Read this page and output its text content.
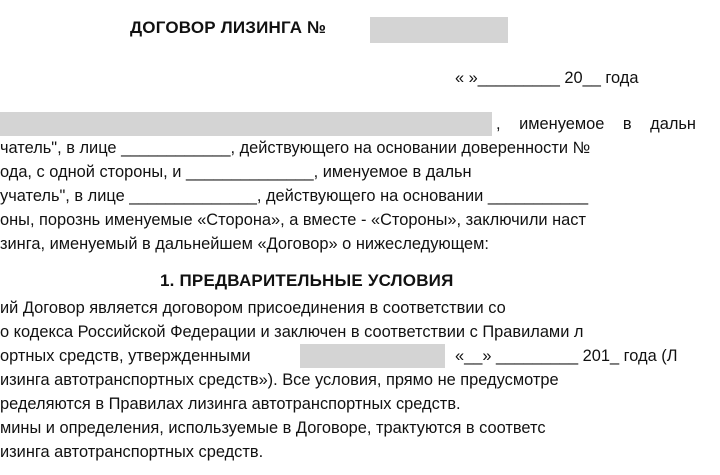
ДОГОВОР ЛИЗИНГА №
« »_________ 20__ года
, именуемое в дальн
чатель", в лице ____________, действующего на основании доверенности №
ода, с одной стороны, и ______________, именуемое в дальн
учатель", в лице ______________, действующего на основании ___________
оны, порознь именуемые «Сторона», а вместе - «Стороны», заключили наст
зинга, именуемый в дальнейшем «Договор» о нижеследующем:
1. ПРЕДВАРИТЕЛЬНЫЕ УСЛОВИЯ
ий Договор является договором присоединения в соответствии со
о кодекса Российской Федерации и заключен в соответствии с Правилами л
ортных средств, утвержденными	«__» _________ 201_ года (Л
изинга автотранспортных средств»). Все условия, прямо не предусмотре
ределяются в Правилах лизинга автотранспортных средств.
мины и определения, используемые в Договоре, трактуются в соответс
изинга автотранспортных средств.
